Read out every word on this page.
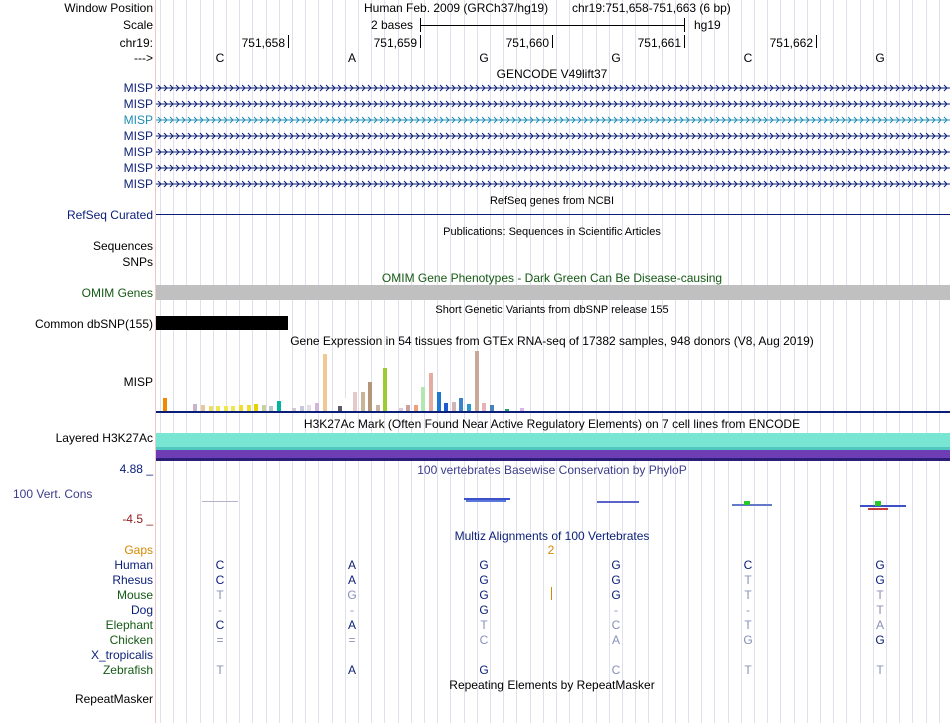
Window Position	Human Feb. 2009 (GRCh37/hg19) chr19:751,658-751,663 (6 bp)
Scale	2 bases	hg19
chr19:	751,658	751,659	751,660	751,661	751,662
--->	C	A	G	G	C	G
GENCODE V49lift37
MISP
MISP
MISP
MISP
MISP
MISP
MISP
RefSeq genes from NCBI
RefSeq Curated
Publications: Sequences in Scientific Articles
Sequences
SNPs
OMIM Gene Phenotypes - Dark Green Can Be Disease-causing
OMIM Genes
Short Genetic Variants from dbSNP release 155
Common dbSNP(155)
Gene Expression in 54 tissues from GTEx RNA-seq of 17382 samples, 948 donors (V8, Aug 2019)
MISP
H3K27Ac Mark (Often Found Near Active Regulatory Elements) on 7 cell lines from ENCODE
Layered H3K27Ac
4.88 _	100 vertebrates Basewise Conservation by PhyloP
100 Vert. Cons
-4.5 _
Multiz Alignments of 100 Vertebrates
Gaps	2
Human	C	A	G	G	C	G
Rhesus	C	A	G	G	T	G
Mouse	T	G	G	G	T	T
Dog	-	-	G	-	-	T
Elephant	C	A	T	C	T	A
Chicken	=	=	C	A	G	G
X_tropicalis
Zebrafish	T	A	G	C	T	T
Repeating Elements by RepeatMasker
RepeatMasker
